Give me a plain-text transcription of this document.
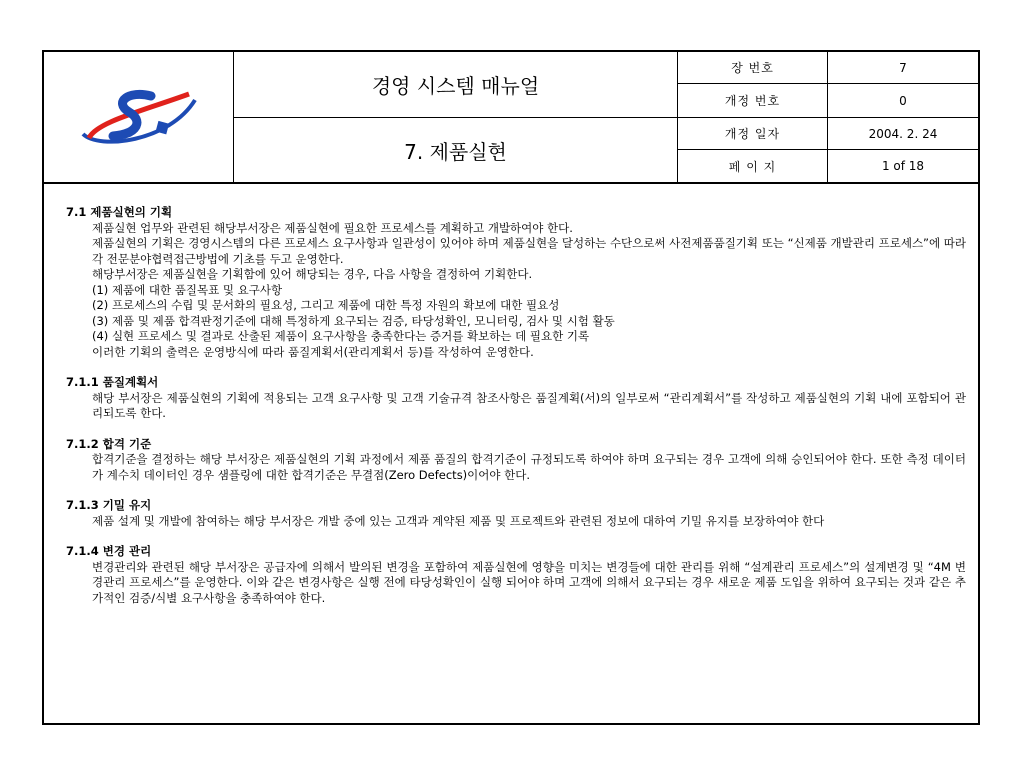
경영 시스템 매뉴얼
7. 제품실현
장 번호	7
개정 번호	0
개정 일자	2004. 2. 24
페 이 지	1 of 18

7.1 제품실현의 기획

제품실현 업무와 관련된 해당부서장은 제품실현에 필요한 프로세스를 계획하고 개발하여야 한다.

제품실현의 기획은 경영시스템의 다른 프로세스 요구사항과 일관성이 있어야 하며 제품실현을 달성하는 수단으로써 사전제품품질기획 또는 “신제품 개발관리 프로세스”에 따라 각 전문분야협력접근방법에 기초를 두고 운영한다.

해당부서장은 제품실현을 기획함에 있어 해당되는 경우, 다음 사항을 결정하여 기획한다.

(1) 제품에 대한 품질목표 및 요구사항

(2) 프로세스의 수립 및 문서화의 필요성, 그리고 제품에 대한 특정 자원의 확보에 대한 필요성

(3) 제품 및 제품 합격판정기준에 대해 특정하게 요구되는 검증, 타당성확인, 모니터링, 검사 및 시험 활동

(4) 실현 프로세스 및 결과로 산출된 제품이 요구사항을 충족한다는 증거를 확보하는 데 필요한 기록

이러한 기획의 출력은 운영방식에 따라 품질계획서(관리계획서 등)를 작성하여 운영한다.

7.1.1 품질계획서

해당 부서장은 제품실현의 기획에 적용되는 고객 요구사항 및 고객 기술규격 참조사항은 품질계획(서)의 일부로써 “관리계획서”를 작성하고 제품실현의 기획 내에 포함되어 관리되도록 한다.

7.1.2 합격 기준

합격기준을 결정하는 해당 부서장은 제품실현의 기획 과정에서 제품 품질의 합격기준이 규정되도록 하여야 하며 요구되는 경우 고객에 의해 승인되어야 한다. 또한 측정 데이터가 계수치 데이터인 경우 샘플링에 대한 합격기준은 무결점(Zero Defects)이어야 한다.

7.1.3 기밀 유지

제품 설계 및 개발에 참여하는 해당 부서장은 개발 중에 있는 고객과 계약된 제품 및 프로젝트와 관련된 정보에 대하여 기밀 유지를 보장하여야 한다

7.1.4 변경 관리

변경관리와 관련된 해당 부서장은 공급자에 의해서 발의된 변경을 포함하여 제품실현에 영향을 미치는 변경들에 대한 관리를 위해 “설계관리 프로세스”의 설계변경 및 “4M 변경관리 프로세스”를 운영한다. 이와 같은 변경사항은 실행 전에 타당성확인이 실행 되어야 하며 고객에 의해서 요구되는 경우 새로운 제품 도입을 위하여 요구되는 것과 같은 추가적인 검증/식별 요구사항을 충족하여야 한다.
